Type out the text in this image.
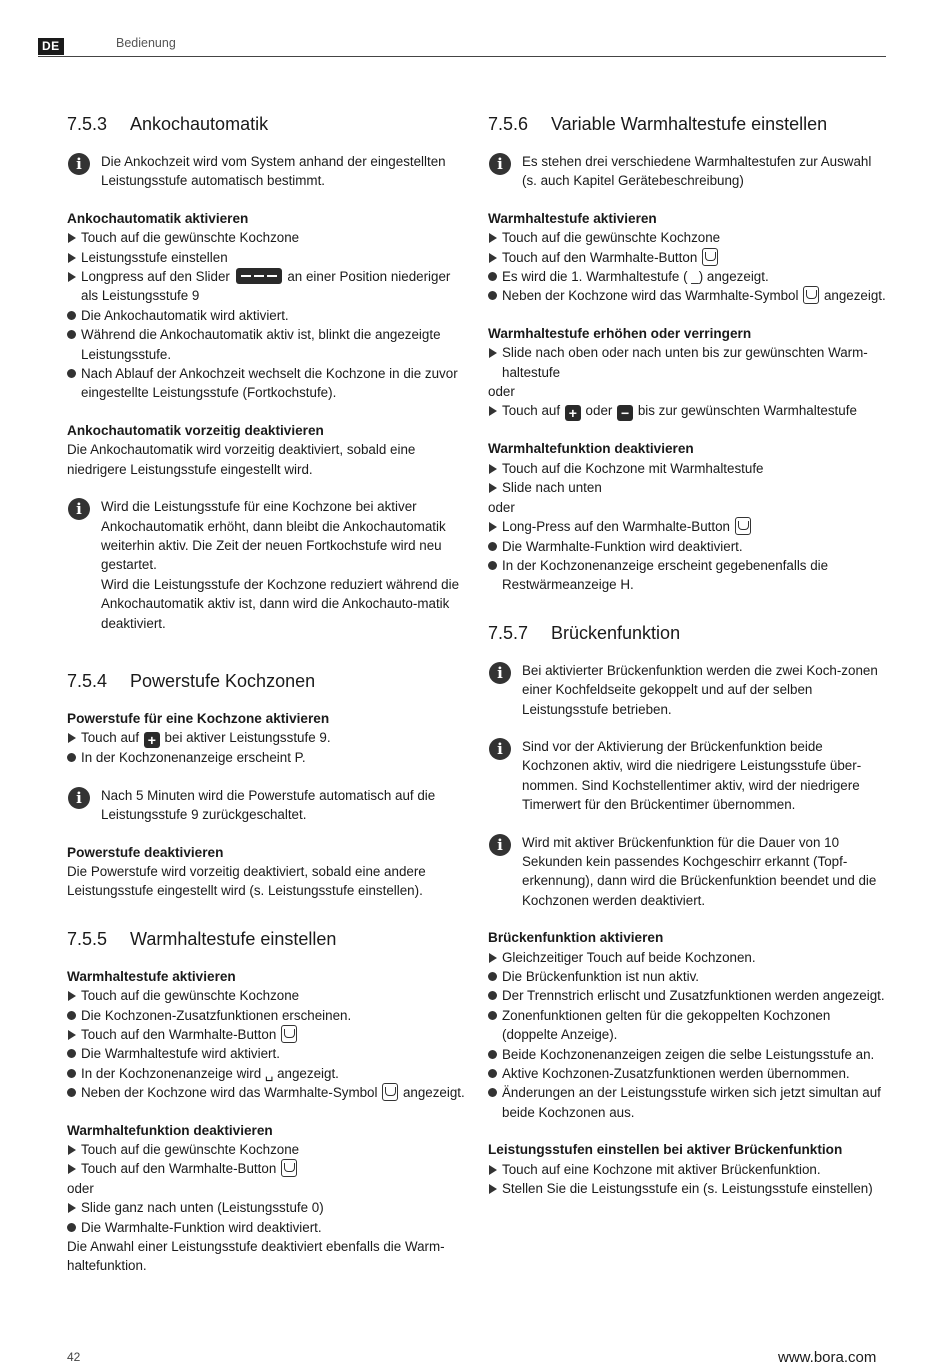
DE	Bedienung
7.5.3 Ankochautomatik
i	Die Ankochzeit wird vom System anhand der eingestellten Leistungsstufe automatisch bestimmt.

Ankochautomatik aktivieren
Touch auf die gewünschte Kochzone
Leistungsstufe einstellen
Longpress auf den Slider	an einer Position niederiger als Leistungsstufe 9
Die Ankochautomatik wird aktiviert.
Während die Ankochautomatik aktiv ist, blinkt die angezeigte Leistungsstufe.
Nach Ablauf der Ankochzeit wechselt die Kochzone in die zuvor eingestellte Leistungsstufe (Fortkochstufe).
Ankochautomatik vorzeitig deaktivieren

Die Ankochautomatik wird vorzeitig deaktiviert, sobald eine niedrigere Leistungsstufe eingestellt wird.

i	Wird die Leistungsstufe für eine Kochzone bei aktiver Ankochautomatik erhöht, dann bleibt die Ankochautomatik weiterhin aktiv. Die Zeit der neuen Fortkochstufe wird neu gestartet.

Wird die Leistungsstufe der Kochzone reduziert während die Ankochautomatik aktiv ist, dann wird die Ankochauto-matik deaktiviert.

7.5.4 Powerstufe Kochzonen
Powerstufe für eine Kochzone aktivieren
Touch auf + bei aktiver Leistungsstufe 9.
In der Kochzonenanzeige erscheint P.
i	Nach 5 Minuten wird die Powerstufe automatisch auf die Leistungsstufe 9 zurückgeschaltet.

Powerstufe deaktivieren

Die Powerstufe wird vorzeitig deaktiviert, sobald eine andere Leistungsstufe eingestellt wird (s. Leistungsstufe einstellen).

7.5.5 Warmhaltestufe einstellen
Warmhaltestufe aktivieren
Touch auf die gewünschte Kochzone
Die Kochzonen-Zusatzfunktionen erscheinen.
Touch auf den Warmhalte-Button
Die Warmhaltestufe wird aktiviert.
In der Kochzonenanzeige wird ␣ angezeigt.
Neben der Kochzone wird das Warmhalte-Symbol angezeigt.
Warmhaltefunktion deaktivieren
Touch auf die gewünschte Kochzone
Touch auf den Warmhalte-Button

oder

Slide ganz nach unten (Leistungsstufe 0)
Die Warmhalte-Funktion wird deaktiviert.

Die Anwahl einer Leistungsstufe deaktiviert ebenfalls die Warm-haltefunktion.

7.5.6 Variable Warmhaltestufe einstellen
i	Es stehen drei verschiedene Warmhaltestufen zur Auswahl (s. auch Kapitel Gerätebeschreibung)

Warmhaltestufe aktivieren
Touch auf die gewünschte Kochzone
Touch auf den Warmhalte-Button
Es wird die 1. Warmhaltestufe ( _) angezeigt.
Neben der Kochzone wird das Warmhalte-Symbol angezeigt.
Warmhaltestufe erhöhen oder verringern
Slide nach oben oder nach unten bis zur gewünschten Warm-haltestufe

oder

Touch auf + oder − bis zur gewünschten Warmhaltestufe
Warmhaltefunktion deaktivieren
Touch auf die Kochzone mit Warmhaltestufe
Slide nach unten

oder

Long-Press auf den Warmhalte-Button
Die Warmhalte-Funktion wird deaktiviert.
In der Kochzonenanzeige erscheint gegebenenfalls die Restwärmeanzeige H.
7.5.7 Brückenfunktion
i	Bei aktivierter Brückenfunktion werden die zwei Koch-zonen einer Kochfeldseite gekoppelt und auf der selben Leistungsstufe betrieben.

i	Sind vor der Aktivierung der Brückenfunktion beide Kochzonen aktiv, wird die niedrigere Leistungsstufe über-nommen. Sind Kochstellentimer aktiv, wird der niedrigere Timerwert für den Brückentimer übernommen.

i	Wird mit aktiver Brückenfunktion für die Dauer von 10 Sekunden kein passendes Kochgeschirr erkannt (Topf-erkennung), dann wird die Brückenfunktion beendet und die Kochzonen werden deaktiviert.

Brückenfunktion aktivieren
Gleichzeitiger Touch auf beide Kochzonen.
Die Brückenfunktion ist nun aktiv.
Der Trennstrich erlischt und Zusatzfunktionen werden angezeigt.
Zonenfunktionen gelten für die gekoppelten Kochzonen (doppelte Anzeige).
Beide Kochzonenanzeigen zeigen die selbe Leistungsstufe an.
Aktive Kochzonen-Zusatzfunktionen werden übernommen.
Änderungen an der Leistungsstufe wirken sich jetzt simultan auf beide Kochzonen aus.
Leistungsstufen einstellen bei aktiver Brückenfunktion
Touch auf eine Kochzone mit aktiver Brückenfunktion.
Stellen Sie die Leistungsstufe ein (s. Leistungsstufe einstellen)
42	www.bora.com
